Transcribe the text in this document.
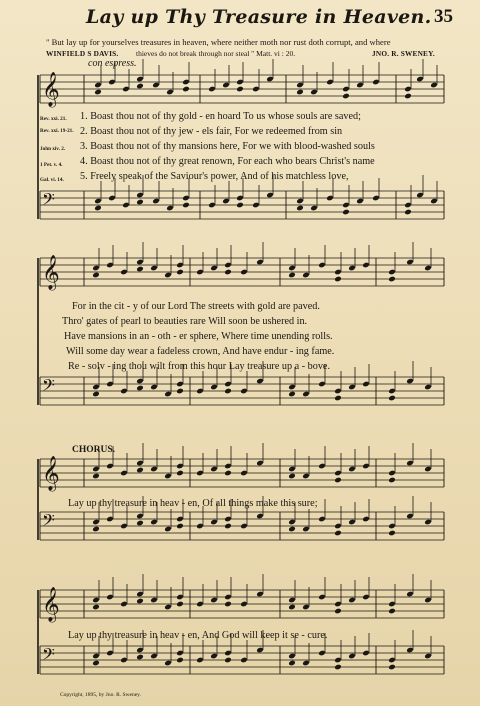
𝄞
𝄢
𝄞
𝄢
𝄞
𝄢
𝄞
𝄢
Lay up Thy Treasure in Heaven. 35
" But lay up for yourselves treasures in heaven, where neither moth nor rust doth corrupt, and where
WINFIELD S DAVIS. thieves do not break through nor steal " Matt. vi : 20.	JNO. R. SWENEY.
con espress.
Rev. xxi. 21.
Rev. xxi. 19-21.
John xiv. 2.
1 Pet. v. 4.
Gal. vi. 14.
1. Boast thou not of thy gold - en hoard To us whose souls are saved;
2. Boast thou not of thy jew - els fair, For we redeemed from sin
3. Boast thou not of thy mansions here, For we with blood-washed souls
4. Boast thou not of thy great renown, For each who bears Christ's name
5. Freely speak of the Saviour's power, And of his matchless love,
For in the cit - y of our Lord The streets with gold are paved.
Thro' gates of pearl to beauties rare Will soon be ushered in.
Have mansions in an - oth - er sphere, Where time unending rolls.
Will some day wear a fadeless crown, And have endur - ing fame.
Re - solv - ing thou wilt from this hour Lay treasure up a - bove.
CHORUS.
Lay up thy treasure in heav - en, Of all things make this sure;
Lay up thy treasure in heav - en, And God will keep it se - cure.
Copyright, 1895, by Jno. R. Sweney.
